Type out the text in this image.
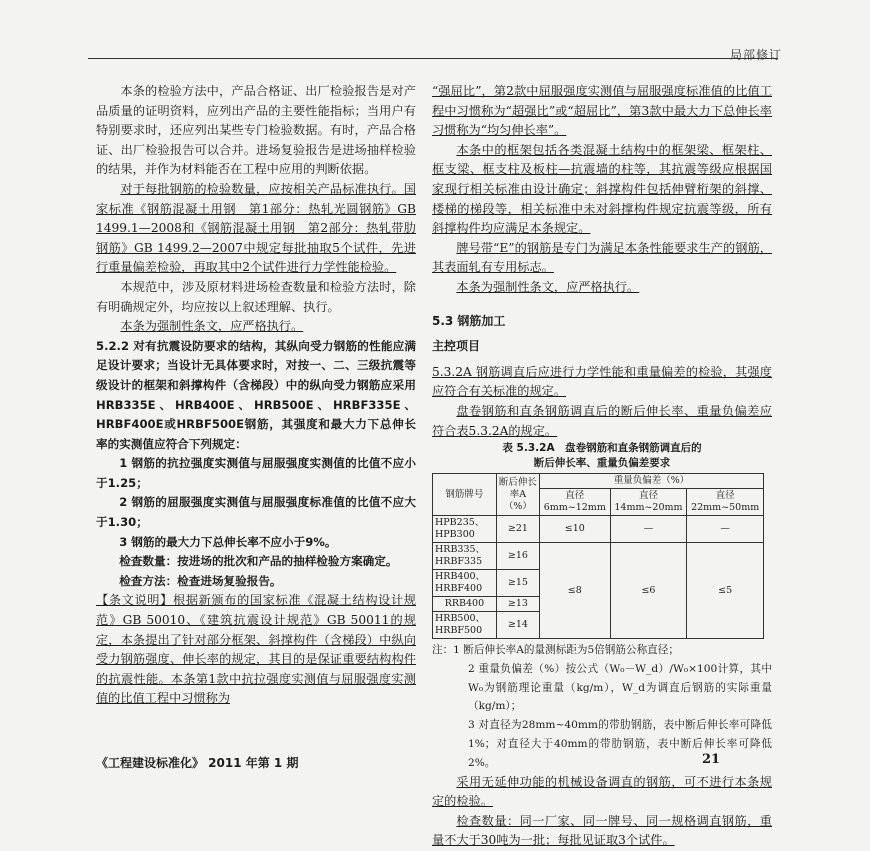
局部修订

本条的检验方法中，产品合格证、出厂检验报告是对产品质量的证明资料，应列出产品的主要性能指标；当用户有特别要求时，还应列出某些专门检验数据。有时，产品合格证、出厂检验报告可以合并。进场复验报告是进场抽样检验的结果，并作为材料能否在工程中应用的判断依据。

对于每批钢筋的检验数量，应按相关产品标准执行。国家标准《钢筋混凝土用钢　第1部分：热轧光圆钢筋》GB 1499.1—2008和《钢筋混凝土用钢　第2部分：热轧带肋钢筋》GB 1499.2—2007中规定每批抽取5个试件，先进行重量偏差检验，再取其中2个试件进行力学性能检验。

本规范中，涉及原材料进场检查数量和检验方法时，除有明确规定外，均应按以上叙述理解、执行。

本条为强制性条文，应严格执行。

5.2.2 对有抗震设防要求的结构，其纵向受力钢筋的性能应满足设计要求；当设计无具体要求时，对按一、二、三级抗震等级设计的框架和斜撑构件（含梯段）中的纵向受力钢筋应采用HRB335E、HRB400E、HRB500E、HRBF335E、HRBF400E或HRBF500E钢筋，其强度和最大力下总伸长率的实测值应符合下列规定：

1 钢筋的抗拉强度实测值与屈服强度实测值的比值不应小于1.25；

2 钢筋的屈服强度实测值与屈服强度标准值的比值不应大于1.30；

3 钢筋的最大力下总伸长率不应小于9%。

检查数量：按进场的批次和产品的抽样检验方案确定。

检查方法：检查进场复验报告。

【条文说明】根据新颁布的国家标准《混凝土结构设计规范》GB 50010、《建筑抗震设计规范》GB 50011的规定，本条提出了针对部分框架、斜撑构件（含梯段）中纵向受力钢筋强度、伸长率的规定，其目的是保证重要结构构件的抗震性能。本条第1款中抗拉强度实测值与屈服强度实测值的比值工程中习惯称为

“强屈比”，第2款中屈服强度实测值与屈服强度标准值的比值工程中习惯称为“超强比”或“超屈比”，第3款中最大力下总伸长率习惯称为“均匀伸长率”。

本条中的框架包括各类混凝土结构中的框架梁、框架柱、框支梁、框支柱及板柱—抗震墙的柱等，其抗震等级应根据国家现行相关标准由设计确定；斜撑构件包括伸臂桁架的斜撑、楼梯的梯段等，相关标准中未对斜撑构件规定抗震等级，所有斜撑构件均应满足本条规定。

牌号带“E”的钢筋是专门为满足本条性能要求生产的钢筋，其表面轧有专用标志。

本条为强制性条文，应严格执行。

5.3 钢筋加工

主控项目

5.3.2A 钢筋调直后应进行力学性能和重量偏差的检验，其强度应符合有关标准的规定。

盘卷钢筋和直条钢筋调直后的断后伸长率、重量负偏差应符合表5.3.2A的规定。

表 5.3.2A　盘卷钢筋和直条钢筋调直后的

断后伸长率、重量负偏差要求

钢筋牌号	断后伸长率A（%）	重量负偏差（%）		
		直径6mm~12mm	直径14mm~20mm	直径22mm~50mm
HPB235、HPB300	≥21	≤10	—	—
HRB335、HRBF335	≥16	≤8	≤6	≤5
HRB400、HRBF400	≥15			
RRB400	≥13			
HRB500、HRBF500	≥14			

注：1 断后伸长率A的量测标距为5倍钢筋公称直径；

2 重量负偏差（%）按公式（W₀－W_d）/W₀×100计算，其中W₀为钢筋理论重量（kg/m），W_d为调直后钢筋的实际重量（kg/m）；

3 对直径为28mm~40mm的带肋钢筋，表中断后伸长率可降低1%；对直径大于40mm的带肋钢筋，表中断后伸长率可降低2%。

采用无延伸功能的机械设备调直的钢筋，可不进行本条规定的检验。

检查数量：同一厂家、同一牌号、同一规格调直钢筋，重量不大于30吨为一批；每批见证取3个试件。

《工程建设标准化》 2011 年第 1 期	21
